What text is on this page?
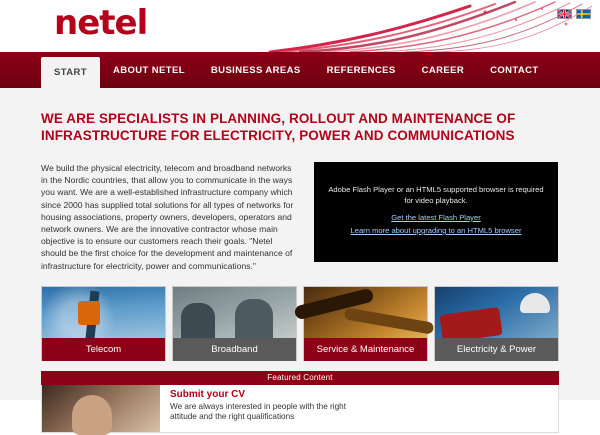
netel
START	ABOUT NETEL	BUSINESS AREAS	REFERENCES	CAREER	CONTACT
WE ARE SPECIALISTS IN PLANNING, ROLLOUT AND MAINTENANCE OF INFRASTRUCTURE FOR ELECTRICITY, POWER AND COMMUNICATIONS
We build the physical electricity, telecom and broadband networks in the Nordic countries, that allow you to communicate in the ways you want. We are a well-established infrastructure company which since 2000 has supplied total solutions for all types of networks for housing associations, property owners, developers, operators and network owners. We are the innovative contractor whose main objective is to ensure our customers reach their goals. "Netel should be the first choice for the development and maintenance of infrastructure for electricity, power and communications."
Adobe Flash Player or an HTML5 supported browser is required for video playback.
Get the latest Flash Player
Learn more about upgrading to an HTML5 browser
Telecom	Broadband	Service & Maintenance	Electricity & Power
Featured Content
Submit your CV

We are always interested in people with the right attitude and the right qualifications
